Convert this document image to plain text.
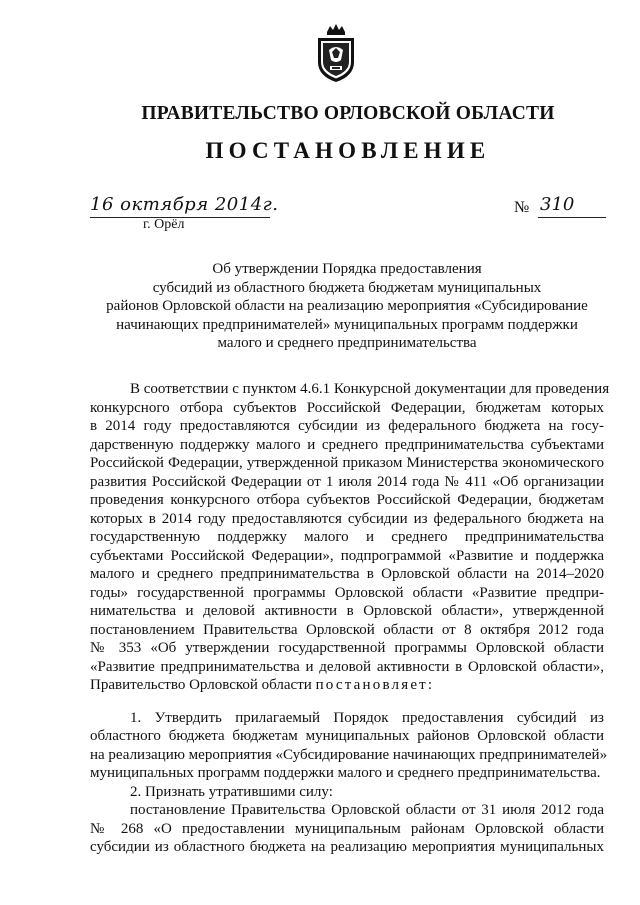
ПРАВИТЕЛЬСТВО ОРЛОВСКОЙ ОБЛАСТИ
ПОСТАНОВЛЕНИЕ
16 октября 2014г.
г. Орёл
№ 310
Об утверждении Порядка предоставления
субсидий из областного бюджета бюджетам муниципальных
районов Орловской области на реализацию мероприятия «Субсидирование
начинающих предпринимателей» муниципальных программ поддержки
малого и среднего предпринимательства
В соответствии с пунктом 4.6.1 Конкурсной документации для проведения
конкурсного отбора субъектов Российской Федерации, бюджетам которых
в 2014 году предоставляются субсидии из федерального бюджета на госу-
дарственную поддержку малого и среднего предпринимательства субъектами
Российской Федерации, утвержденной приказом Министерства экономического
развития Российской Федерации от 1 июля 2014 года № 411 «Об организации
проведения конкурсного отбора субъектов Российской Федерации, бюджетам
которых в 2014 году предоставляются субсидии из федерального бюджета на
государственную поддержку малого и среднего предпринимательства
субъектами Российской Федерации», подпрограммой «Развитие и поддержка
малого и среднего предпринимательства в Орловской области на 2014–2020
годы» государственной программы Орловской области «Развитие предпри-
нимательства и деловой активности в Орловской области», утвержденной
постановлением Правительства Орловской области от 8 октября 2012 года
№ 353 «Об утверждении государственной программы Орловской области
«Развитие предпринимательства и деловой активности в Орловской области»,
Правительство Орловской области постановляет:
1. Утвердить прилагаемый Порядок предоставления субсидий из
областного бюджета бюджетам муниципальных районов Орловской области
на реализацию мероприятия «Субсидирование начинающих предпринимателей»
муниципальных программ поддержки малого и среднего предпринимательства.
2. Признать утратившими силу:
постановление Правительства Орловской области от 31 июля 2012 года
№ 268 «О предоставлении муниципальным районам Орловской области
субсидии из областного бюджета на реализацию мероприятия муниципальных
